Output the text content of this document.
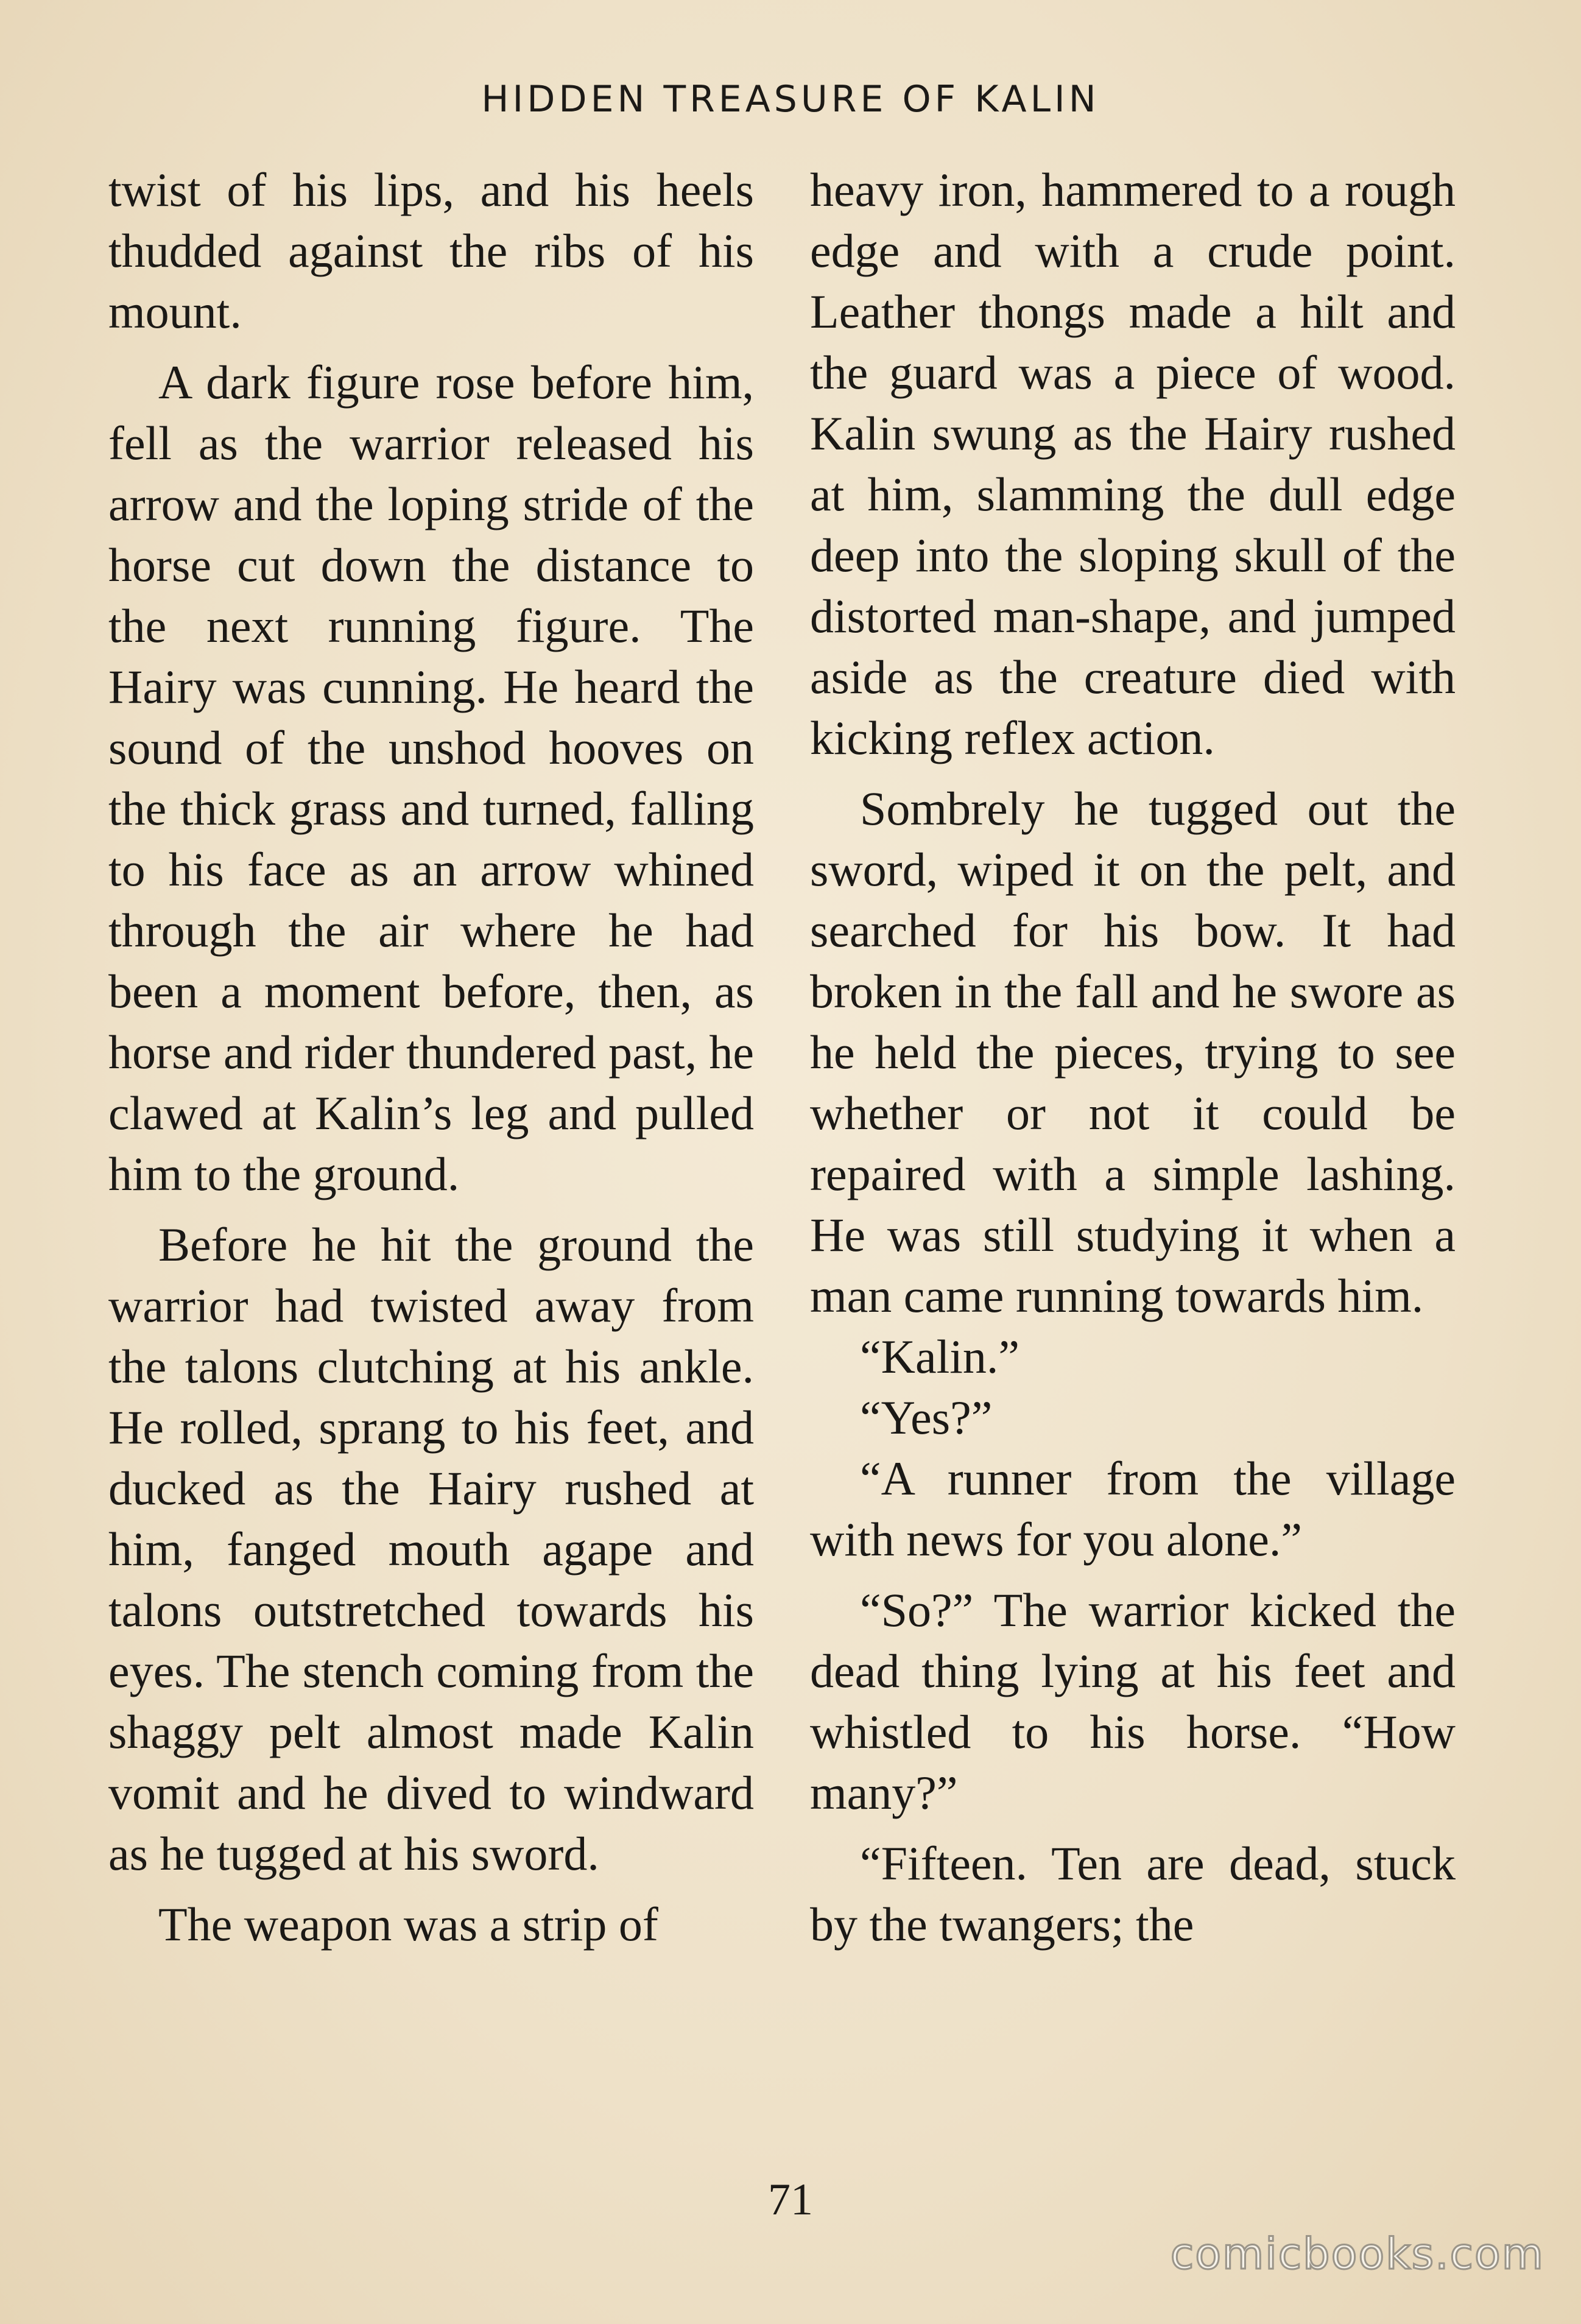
HIDDEN TREASURE OF KALIN

twist of his lips, and his heels thudded against the ribs of his mount.

A dark figure rose before him, fell as the warrior released his arrow and the loping stride of the horse cut down the distance to the next running figure. The Hairy was cunning. He heard the sound of the unshod hooves on the thick grass and turned, falling to his face as an arrow whined through the air where he had been a moment before, then, as horse and rider thundered past, he clawed at Kalin’s leg and pulled him to the ground.

Before he hit the ground the warrior had twisted away from the talons clutching at his ankle. He rolled, sprang to his feet, and ducked as the Hairy rushed at him, fanged mouth agape and talons outstretched towards his eyes. The stench coming from the shaggy pelt almost made Kalin vomit and he dived to windward as he tugged at his sword.

The weapon was a strip of

heavy iron, hammered to a rough edge and with a crude point. Leather thongs made a hilt and the guard was a piece of wood. Kalin swung as the Hairy rushed at him, slamming the dull edge deep into the sloping skull of the distorted man-shape, and jumped aside as the creature died with kicking reflex action.

Sombrely he tugged out the sword, wiped it on the pelt, and searched for his bow. It had broken in the fall and he swore as he held the pieces, trying to see whether or not it could be repaired with a simple lashing. He was still studying it when a man came running towards him.

“Kalin.”

“Yes?”

“A runner from the village with news for you alone.”

“So?” The warrior kicked the dead thing lying at his feet and whistled to his horse. “How many?”

“Fifteen. Ten are dead, stuck by the twangers; the

71
comicbooks.com
